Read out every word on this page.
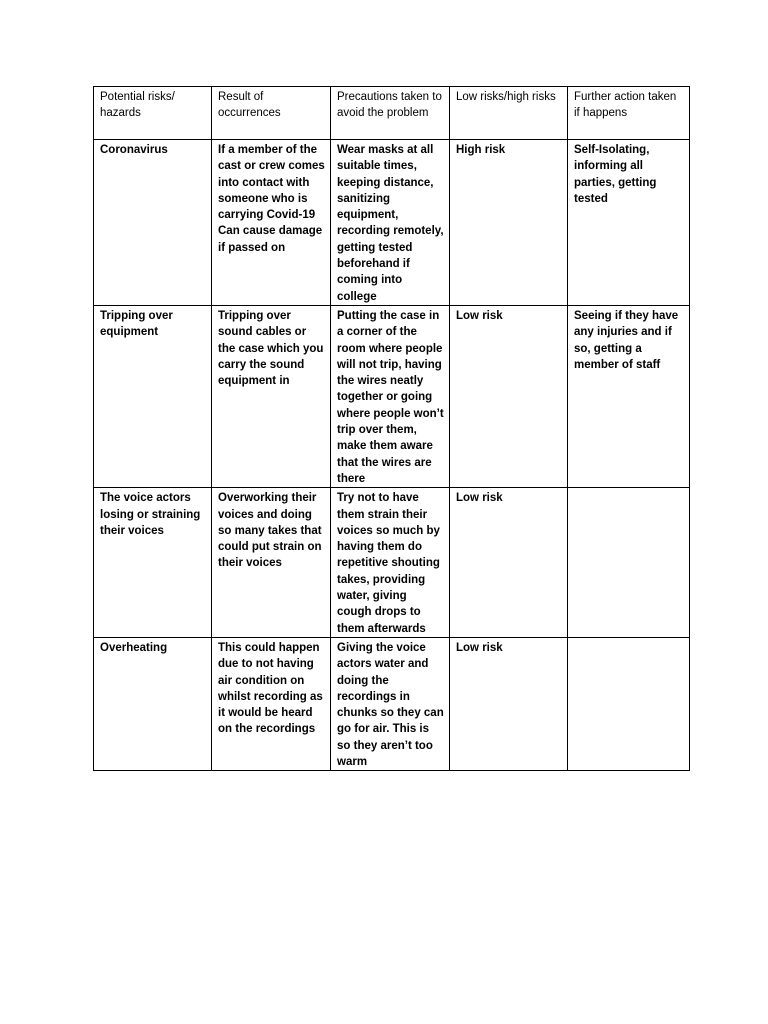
Potential risks/ hazards	Result of occurrences	Precautions taken to avoid the problem	Low risks/high risks	Further action taken if happens
Coronavirus	If a member of the cast or crew comes into contact with someone who is carrying Covid-19 Can cause damage if passed on	Wear masks at all suitable times, keeping distance, sanitizing equipment, recording remotely, getting tested beforehand if coming into college	High risk	Self-Isolating, informing all parties, getting tested
Tripping over equipment	Tripping over sound cables or the case which you carry the sound equipment in	Putting the case in a corner of the room where people will not trip, having the wires neatly together or going where people won’t trip over them, make them aware that the wires are there	Low risk	Seeing if they have any injuries and if so, getting a member of staff
The voice actors losing or straining their voices	Overworking their voices and doing so many takes that could put strain on their voices	Try not to have them strain their voices so much by having them do repetitive shouting takes, providing water, giving cough drops to them afterwards	Low risk	
Overheating	This could happen due to not having air condition on whilst recording as it would be heard on the recordings	Giving the voice actors water and doing the recordings in chunks so they can go for air. This is so they aren’t too warm	Low risk	
